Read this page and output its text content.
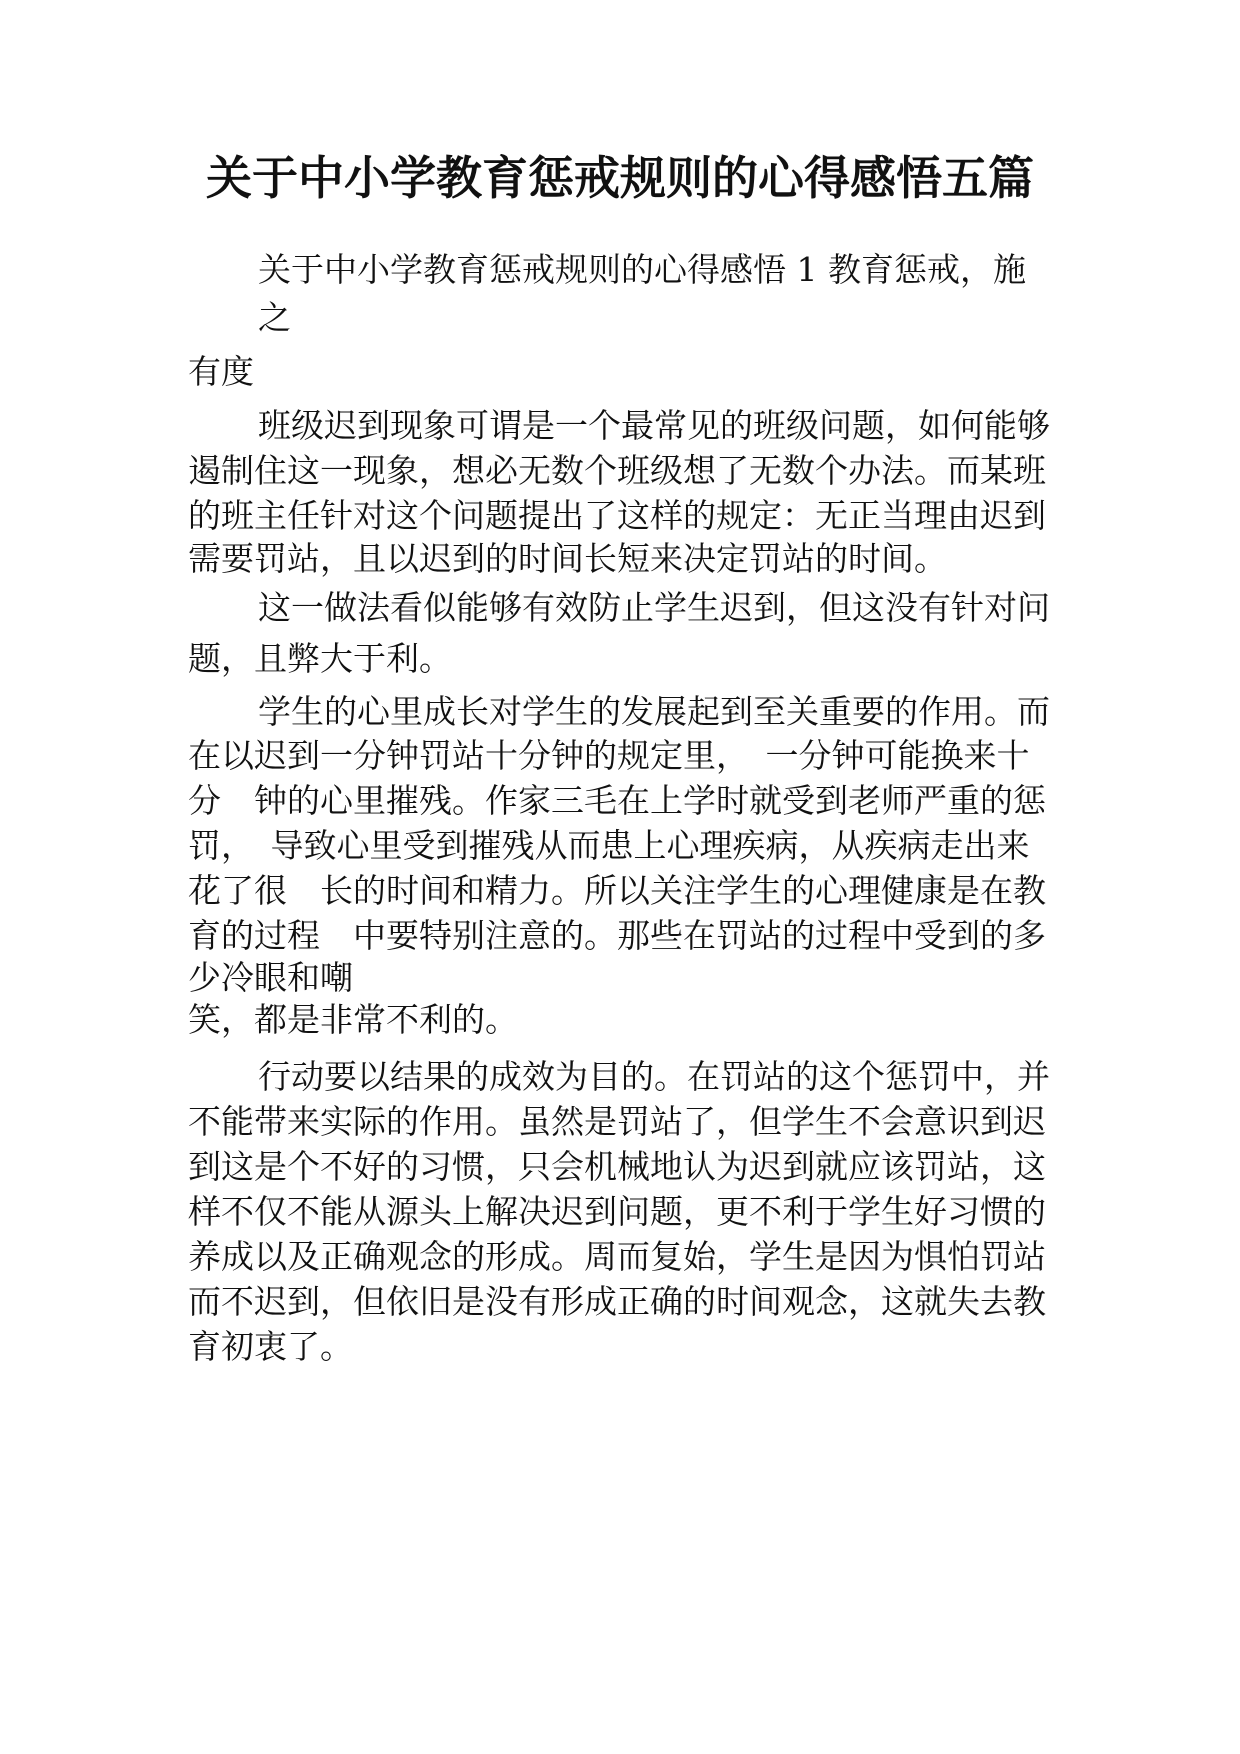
关于中小学教育惩戒规则的心得感悟五篇

关于中小学教育惩戒规则的心得感悟 1 教育惩戒，施

之

有度

班级迟到现象可谓是一个最常见的班级问题，如何能够

遏制住这一现象，想必无数个班级想了无数个办法。而某班

的班主任针对这个问题提出了这样的规定：无正当理由迟到

需要罚站，且以迟到的时间长短来决定罚站的时间。

这一做法看似能够有效防止学生迟到，但这没有针对问

题，且弊大于利。

学生的心里成长对学生的发展起到至关重要的作用。而

在以迟到一分钟罚站十分钟的规定里，　一分钟可能换来十

分　钟的心里摧残。作家三毛在上学时就受到老师严重的惩

罚，　导致心里受到摧残从而患上心理疾病，从疾病走出来

花了很　长的时间和精力。所以关注学生的心理健康是在教

育的过程　中要特别注意的。那些在罚站的过程中受到的多

少冷眼和嘲

笑，都是非常不利的。

行动要以结果的成效为目的。在罚站的这个惩罚中，并

不能带来实际的作用。虽然是罚站了，但学生不会意识到迟

到这是个不好的习惯，只会机械地认为迟到就应该罚站，这

样不仅不能从源头上解决迟到问题，更不利于学生好习惯的

养成以及正确观念的形成。周而复始，学生是因为惧怕罚站

而不迟到，但依旧是没有形成正确的时间观念，这就失去教

育初衷了。
